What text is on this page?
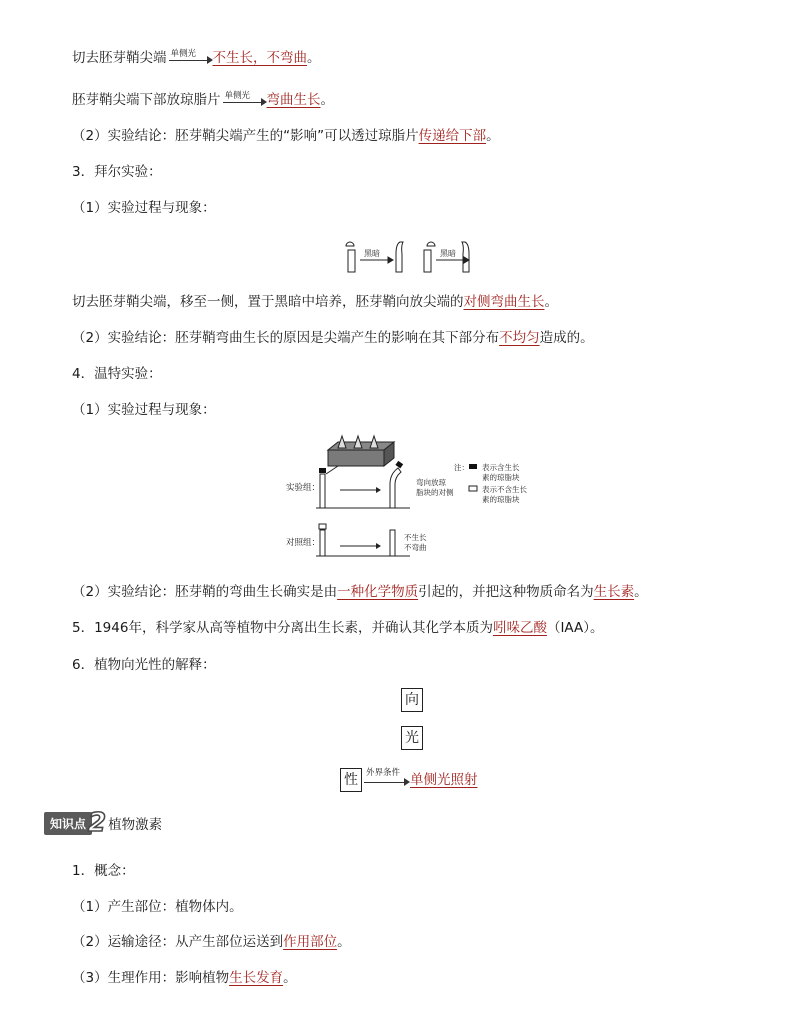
切去胚芽鞘尖端 单侧光 不生长，不弯曲。
胚芽鞘尖端下部放琼脂片 单侧光 弯曲生长。
（2）实验结论：胚芽鞘尖端产生的“影响”可以透过琼脂片传递给下部。
3．拜尔实验：
（1）实验过程与现象：
黑暗	黑暗
切去胚芽鞘尖端，移至一侧，置于黑暗中培养，胚芽鞘向放尖端的对侧弯曲生长。
（2）实验结论：胚芽鞘弯曲生长的原因是尖端产生的影响在其下部分布不均匀造成的。
4．温特实验：
（1）实验过程与现象：
实验组：
弯向放琼
脂块的对侧
对照组：
不生长
不弯曲
注： 表示含生长
素的琼脂块
表示不含生长
素的琼脂块
（2）实验结论：胚芽鞘的弯曲生长确实是由一种化学物质引起的，并把这种物质命名为生长素。
5．1946年，科学家从高等植物中分离出生长素，并确认其化学本质为吲哚乙酸（IAA）。
6．植物向光性的解释：
向
光
性 外界条件 单侧光照射
知识点 2 植物激素
1．概念：
（1）产生部位：植物体内。
（2）运输途径：从产生部位运送到作用部位。
（3）生理作用：影响植物生长发育。
